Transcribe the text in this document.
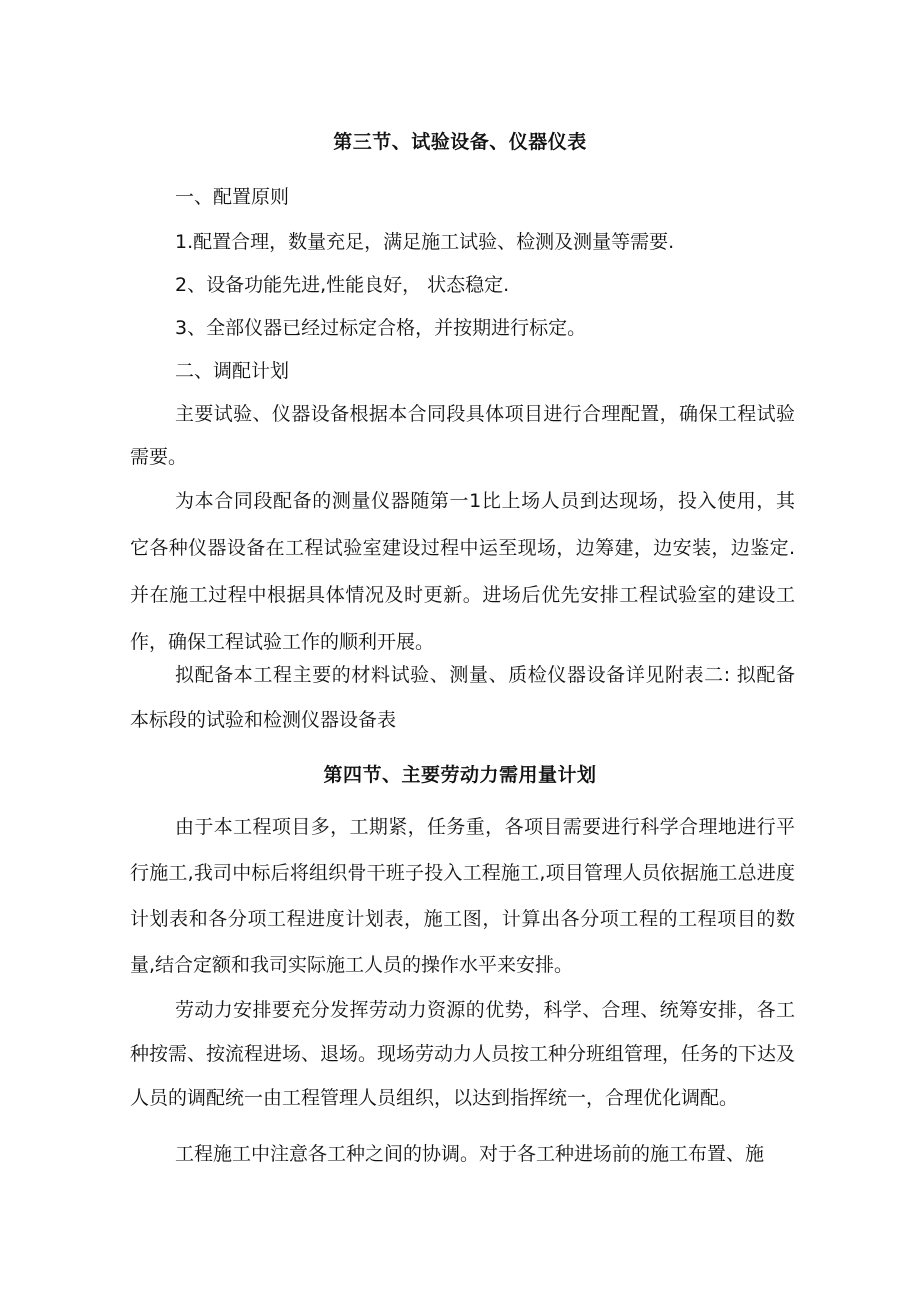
第三节、试验设备、仪器仪表
一、配置原则
1.配置合理，数量充足，满足施工试验、检测及测量等需要.
2、设备功能先进,性能良好， 状态稳定.
3、全部仪器已经过标定合格，并按期进行标定。
二、调配计划

主要试验、仪器设备根据本合同段具体项目进行合理配置，确保工程试验需要。

为本合同段配备的测量仪器随第一1比上场人员到达现场，投入使用，其它各种仪器设备在工程试验室建设过程中运至现场，边筹建，边安装，边鉴定.并在施工过程中根据具体情况及时更新。进场后优先安排工程试验室的建设工作，确保工程试验工作的顺利开展。

拟配备本工程主要的材料试验、测量、质检仪器设备详见附表二: 拟配备本标段的试验和检测仪器设备表

第四节、主要劳动力需用量计划

由于本工程项目多，工期紧，任务重，各项目需要进行科学合理地进行平行施工,我司中标后将组织骨干班子投入工程施工,项目管理人员依据施工总进度计划表和各分项工程进度计划表，施工图，计算出各分项工程的工程项目的数量,结合定额和我司实际施工人员的操作水平来安排。

劳动力安排要充分发挥劳动力资源的优势，科学、合理、统筹安排，各工种按需、按流程进场、退场。现场劳动力人员按工种分班组管理，任务的下达及人员的调配统一由工程管理人员组织，以达到指挥统一，合理优化调配。

工程施工中注意各工种之间的协调。对于各工种进场前的施工布置、施
